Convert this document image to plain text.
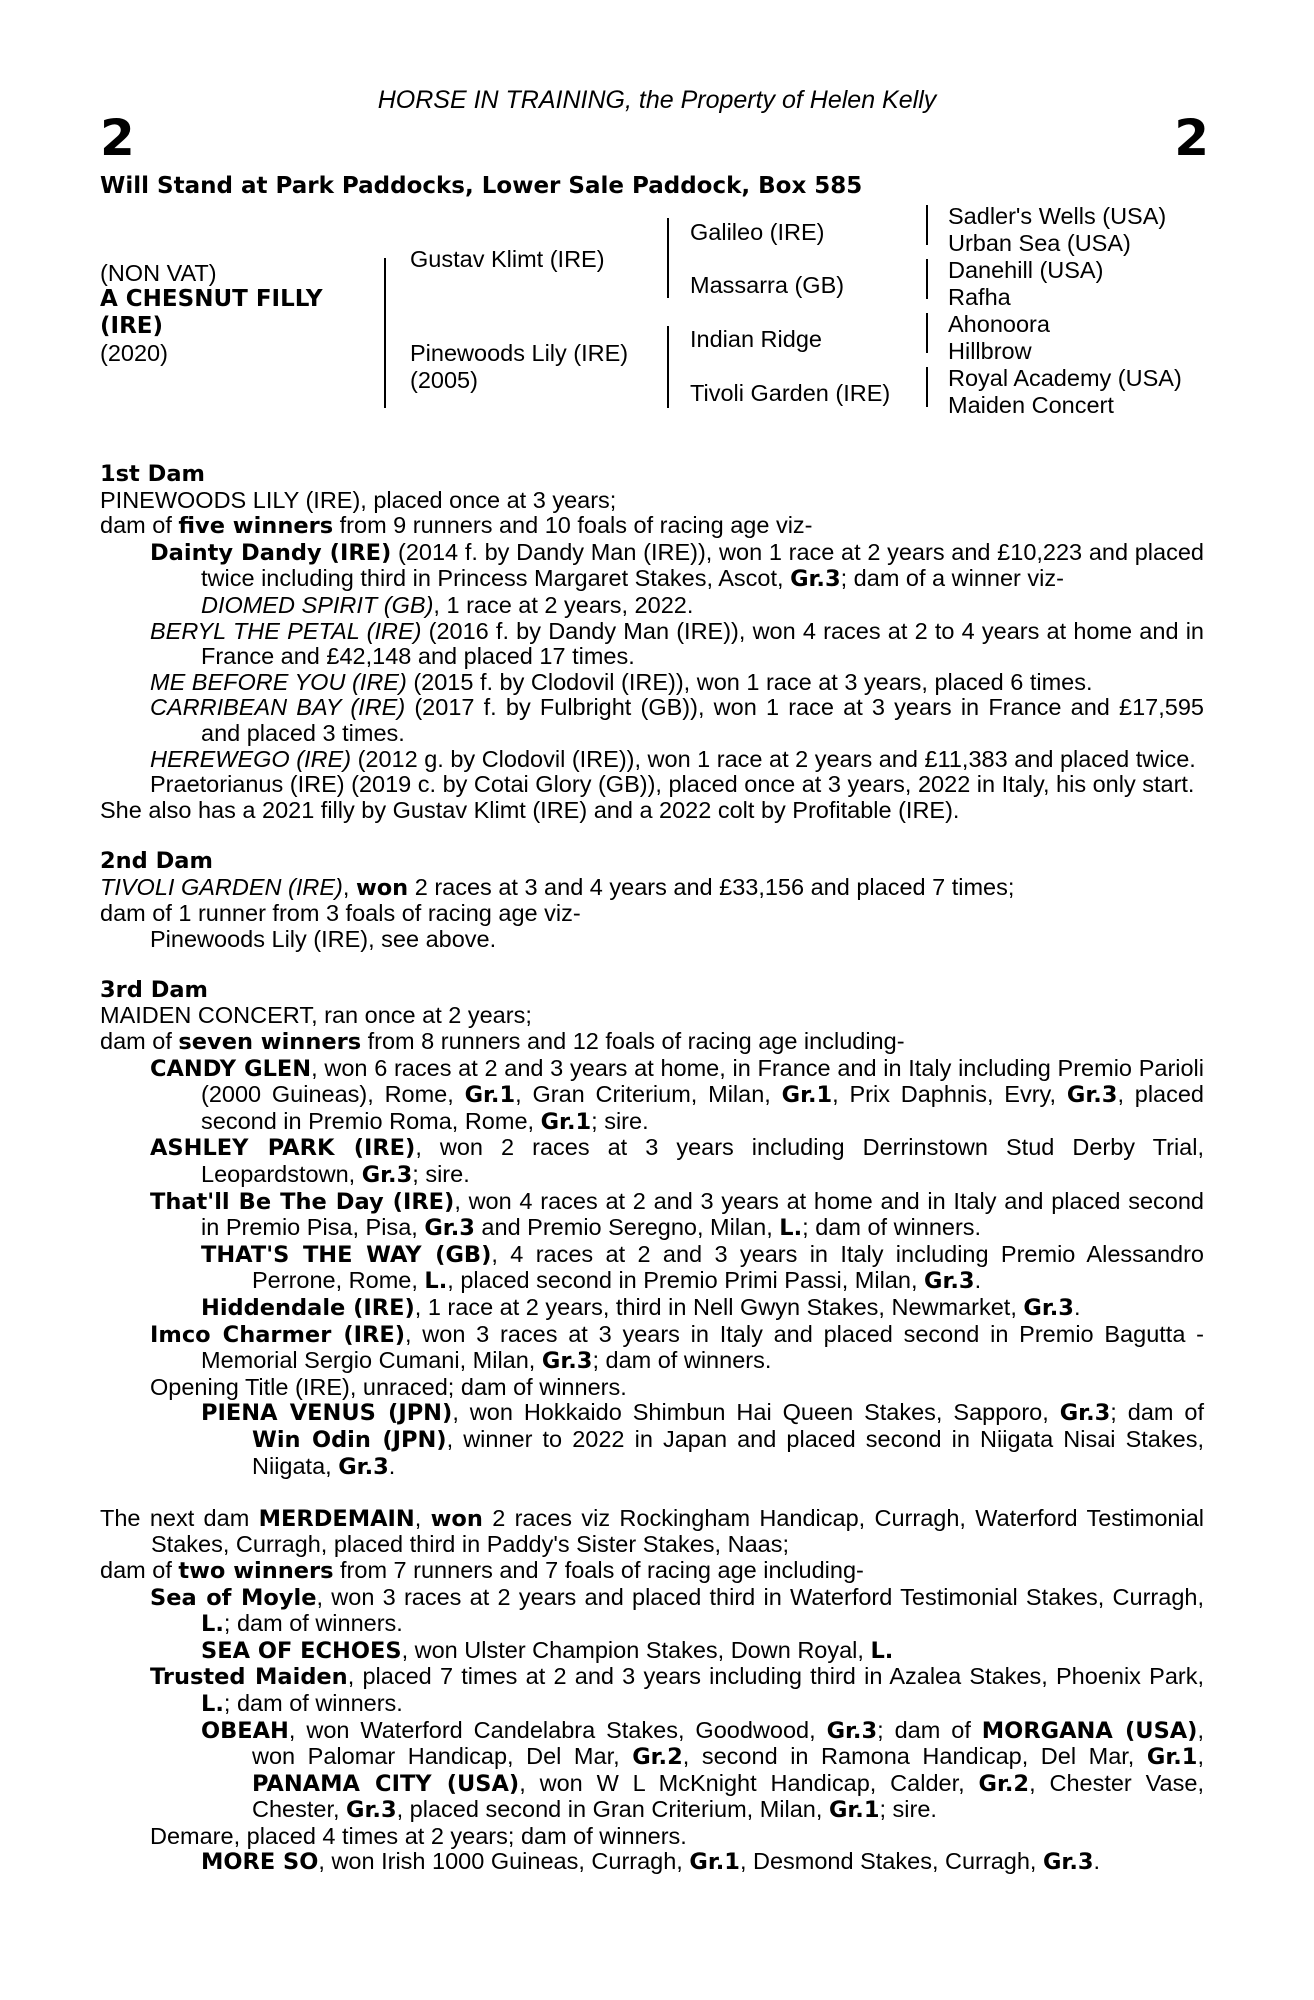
HORSE IN TRAINING, the Property of Helen Kelly
2	2
Will Stand at Park Paddocks, Lower Sale Paddock, Box 585
(NON VAT)
A CHESNUT FILLY
(IRE)
(2020)
Gustav Klimt (IRE)
Pinewoods Lily (IRE)
(2005)
Galileo (IRE)
Massarra (GB)
Indian Ridge
Tivoli Garden (IRE)
Sadler's Wells (USA)
Urban Sea (USA)
Danehill (USA)
Rafha
Ahonoora
Hillbrow
Royal Academy (USA)
Maiden Concert

1st Dam

PINEWOODS LILY (IRE), placed once at 3 years;

dam of five winners from 9 runners and 10 foals of racing age viz-

Dainty Dandy (IRE) (2014 f. by Dandy Man (IRE)), won 1 race at 2 years and £10,223 and placed twice including third in Princess Margaret Stakes, Ascot, Gr.3; dam of a winner viz-

DIOMED SPIRIT (GB), 1 race at 2 years, 2022.

BERYL THE PETAL (IRE) (2016 f. by Dandy Man (IRE)), won 4 races at 2 to 4 years at home and in France and £42,148 and placed 17 times.

ME BEFORE YOU (IRE) (2015 f. by Clodovil (IRE)), won 1 race at 3 years, placed 6 times.

CARRIBEAN BAY (IRE) (2017 f. by Fulbright (GB)), won 1 race at 3 years in France and £17,595 and placed 3 times.

HEREWEGO (IRE) (2012 g. by Clodovil (IRE)), won 1 race at 2 years and £11,383 and placed twice.

Praetorianus (IRE) (2019 c. by Cotai Glory (GB)), placed once at 3 years, 2022 in Italy, his only start.

She also has a 2021 filly by Gustav Klimt (IRE) and a 2022 colt by Profitable (IRE).

2nd Dam

TIVOLI GARDEN (IRE), won 2 races at 3 and 4 years and £33,156 and placed 7 times;

dam of 1 runner from 3 foals of racing age viz-

Pinewoods Lily (IRE), see above.

3rd Dam

MAIDEN CONCERT, ran once at 2 years;

dam of seven winners from 8 runners and 12 foals of racing age including-

CANDY GLEN, won 6 races at 2 and 3 years at home, in France and in Italy including Premio Parioli (2000 Guineas), Rome, Gr.1, Gran Criterium, Milan, Gr.1, Prix Daphnis, Evry, Gr.3, placed second in Premio Roma, Rome, Gr.1; sire.

ASHLEY PARK (IRE), won 2 races at 3 years including Derrinstown Stud Derby Trial, Leopardstown, Gr.3; sire.

That'll Be The Day (IRE), won 4 races at 2 and 3 years at home and in Italy and placed second in Premio Pisa, Pisa, Gr.3 and Premio Seregno, Milan, L.; dam of winners.

THAT'S THE WAY (GB), 4 races at 2 and 3 years in Italy including Premio Alessandro Perrone, Rome, L., placed second in Premio Primi Passi, Milan, Gr.3.

Hiddendale (IRE), 1 race at 2 years, third in Nell Gwyn Stakes, Newmarket, Gr.3.

Imco Charmer (IRE), won 3 races at 3 years in Italy and placed second in Premio Bagutta - Memorial Sergio Cumani, Milan, Gr.3; dam of winners.

Opening Title (IRE), unraced; dam of winners.

PIENA VENUS (JPN), won Hokkaido Shimbun Hai Queen Stakes, Sapporo, Gr.3; dam of Win Odin (JPN), winner to 2022 in Japan and placed second in Niigata Nisai Stakes, Niigata, Gr.3.

The next dam MERDEMAIN, won 2 races viz Rockingham Handicap, Curragh, Waterford Testimonial Stakes, Curragh, placed third in Paddy's Sister Stakes, Naas;

dam of two winners from 7 runners and 7 foals of racing age including-

Sea of Moyle, won 3 races at 2 years and placed third in Waterford Testimonial Stakes, Curragh, L.; dam of winners.

SEA OF ECHOES, won Ulster Champion Stakes, Down Royal, L.

Trusted Maiden, placed 7 times at 2 and 3 years including third in Azalea Stakes, Phoenix Park, L.; dam of winners.

OBEAH, won Waterford Candelabra Stakes, Goodwood, Gr.3; dam of MORGANA (USA), won Palomar Handicap, Del Mar, Gr.2, second in Ramona Handicap, Del Mar, Gr.1, PANAMA CITY (USA), won W L McKnight Handicap, Calder, Gr.2, Chester Vase, Chester, Gr.3, placed second in Gran Criterium, Milan, Gr.1; sire.

Demare, placed 4 times at 2 years; dam of winners.

MORE SO, won Irish 1000 Guineas, Curragh, Gr.1, Desmond Stakes, Curragh, Gr.3.
